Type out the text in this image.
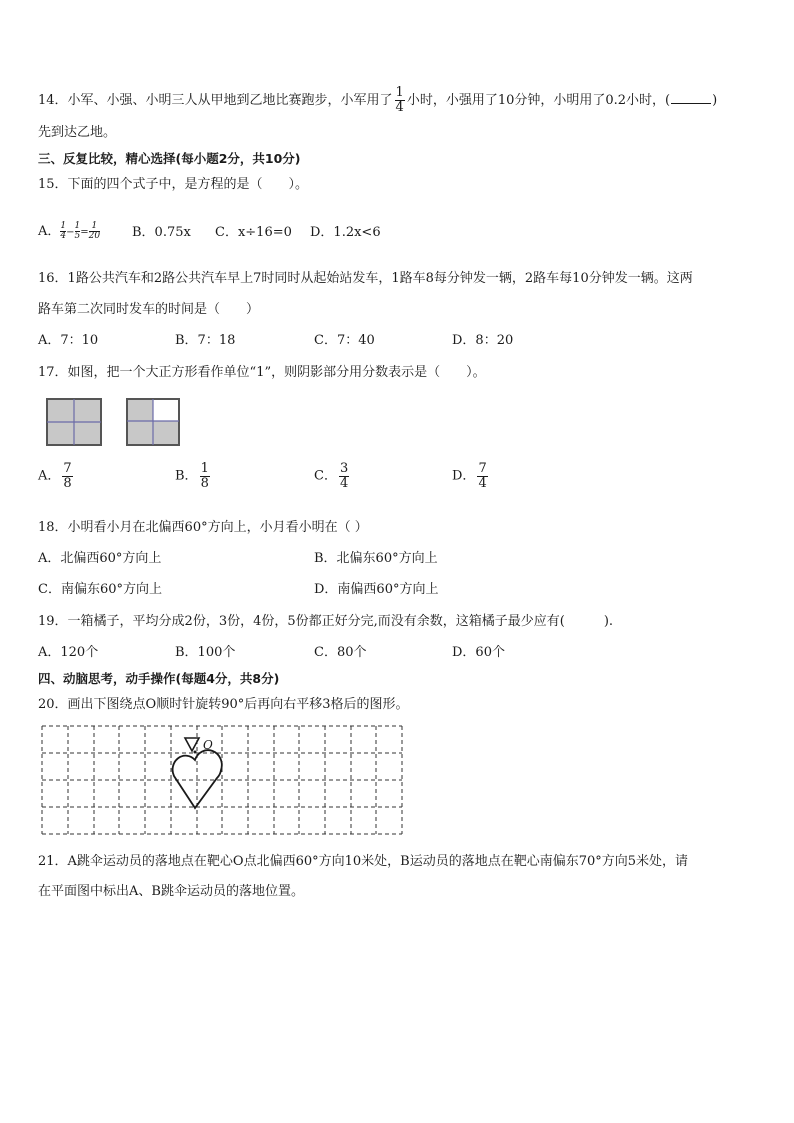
14．小军、小强、小明三人从甲地到乙地比赛跑步，小军用了 $\frac{1}{4}$ 小时，小强用了10分钟，小明用了0.2小时，(	)
先到达乙地。
三、反复比较，精心选择(每小题2分，共10分)
15．下面的四个式子中，是方程的是（　　）。
A． $\frac{1}{4} - \frac{1}{5} = \frac{1}{20}$ B．0.75x C．x÷16=0 D．1.2x<6
16．1路公共汽车和2路公共汽车早上7时同时从起始站发车，1路车8每分钟发一辆，2路车每10分钟发一辆。这两
路车第二次同时发车的时间是（　　）
A．7：10	B．7：18	C．7：40	D．8：20
17．如图，把一个大正方形看作单位“1”，则阴影部分用分数表示是（　　）。
A． $\frac{7}{8}$	B． $\frac{1}{8}$	C． $\frac{3}{4}$	D． $\frac{7}{4}$
18．小明看小月在北偏西60°方向上，小月看小明在（ ）
A．北偏西60°方向上	B．北偏东60°方向上
C．南偏东60°方向上	D．南偏西60°方向上
19．一箱橘子，平均分成2份，3份，4份，5份都正好分完,而没有余数，这箱橘子最少应有(　　　).
A．120个	B．100个	C．80个	D．60个
四、动脑思考，动手操作(每题4分，共8分)
20．画出下图绕点O顺时针旋转90°后再向右平移3格后的图形。
O
21．A跳伞运动员的落地点在靶心O点北偏西60°方向10米处，B运动员的落地点在靶心南偏东70°方向5米处，请
在平面图中标出A、B跳伞运动员的落地位置。
